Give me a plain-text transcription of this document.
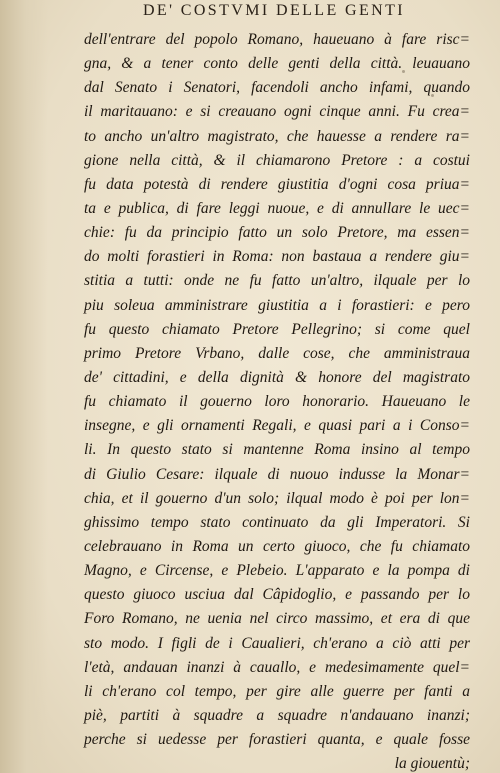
DE' COSTVMI DELLE GENTI
dell'entrare del popolo Romano, haueuano à fare risc=
gna, & a tener conto delle genti della città. leuauano
dal Senato i Senatori, facendoli ancho infami, quando
il maritauano: e si creauano ogni cinque anni. Fu crea=
to ancho un'altro magistrato, che hauesse a rendere ra=
gione nella città, & il chiamarono Pretore : a costui
fu data potestà di rendere giustitia d'ogni cosa priua=
ta e publica, di fare leggi nuoue, e di annullare le uec=
chie: fu da principio fatto un solo Pretore, ma essen=
do molti forastieri in Roma: non bastaua a rendere giu=
stitia a tutti: onde ne fu fatto un'altro, ilquale per lo
piu soleua amministrare giustitia a i forastieri: e pero
fu questo chiamato Pretore Pellegrino; si come quel
primo Pretore Vrbano, dalle cose, che amministraua
de' cittadini, e della dignità & honore del magistrato
fu chiamato il gouerno loro honorario. Haueuano le
insegne, e gli ornamenti Regali, e quasi pari a i Conso=
li. In questo stato si mantenne Roma insino al tempo
di Giulio Cesare: ilquale di nuouo indusse la Monar=
chia, et il gouerno d'un solo; ilqual modo è poi per lon=
ghissimo tempo stato continuato da gli Imperatori. Si
celebrauano in Roma un certo giuoco, che fu chiamato
Magno, e Circense, e Plebeio. L'apparato e la pompa di
questo giuoco usciua dal Câpidoglio, e passando per lo
Foro Romano, ne uenia nel circo massimo, et era di que
sto modo. I figli de i Caualieri, ch'erano a ciò atti per
l'età, andauan inanzi à cauallo, e medesimamente quel=
li ch'erano col tempo, per gire alle guerre per fanti a
piè, partiti à squadre a squadre n'andauano inanzi;
perche si uedesse per forastieri quanta, e quale fosse
la giouentù;
